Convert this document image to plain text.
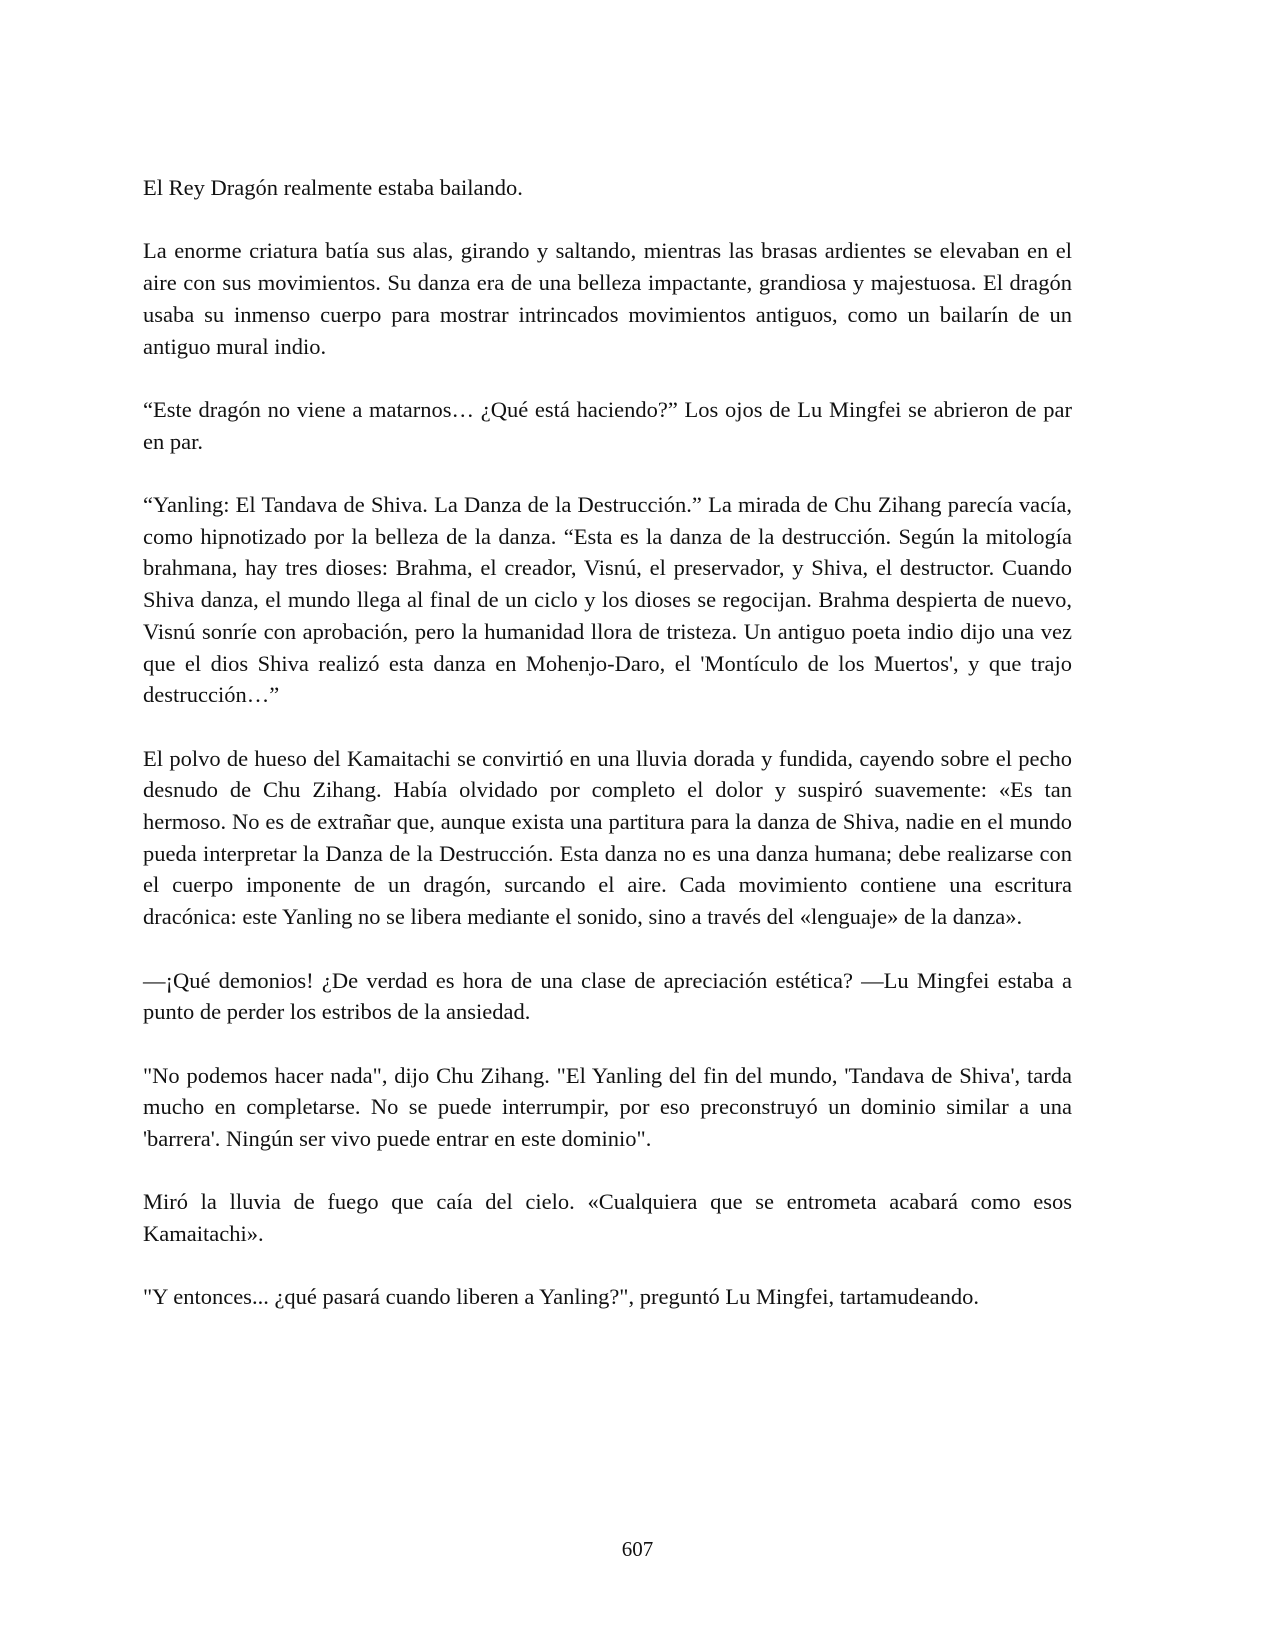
El Rey Dragón realmente estaba bailando.

La enorme criatura batía sus alas, girando y saltando, mientras las brasas ardientes se elevaban en el aire con sus movimientos. Su danza era de una belleza impactante, grandiosa y majestuosa. El dragón usaba su inmenso cuerpo para mostrar intrincados movimientos antiguos, como un bailarín de un antiguo mural indio.

“Este dragón no viene a matarnos… ¿Qué está haciendo?” Los ojos de Lu Mingfei se abrieron de par en par.

“Yanling: El Tandava de Shiva. La Danza de la Destrucción.” La mirada de Chu Zihang parecía vacía, como hipnotizado por la belleza de la danza. “Esta es la danza de la destrucción. Según la mitología brahmana, hay tres dioses: Brahma, el creador, Visnú, el preservador, y Shiva, el destructor. Cuando Shiva danza, el mundo llega al final de un ciclo y los dioses se regocijan. Brahma despierta de nuevo, Visnú sonríe con aprobación, pero la humanidad llora de tristeza. Un antiguo poeta indio dijo una vez que el dios Shiva realizó esta danza en Mohenjo-Daro, el 'Montículo de los Muertos', y que trajo destrucción…”

El polvo de hueso del Kamaitachi se convirtió en una lluvia dorada y fundida, cayendo sobre el pecho desnudo de Chu Zihang. Había olvidado por completo el dolor y suspiró suavemente: «Es tan hermoso. No es de extrañar que, aunque exista una partitura para la danza de Shiva, nadie en el mundo pueda interpretar la Danza de la Destrucción. Esta danza no es una danza humana; debe realizarse con el cuerpo imponente de un dragón, surcando el aire. Cada movimiento contiene una escritura dracónica: este Yanling no se libera mediante el sonido, sino a través del «lenguaje» de la danza».

—¡Qué demonios! ¿De verdad es hora de una clase de apreciación estética? —Lu Mingfei estaba a punto de perder los estribos de la ansiedad.

"No podemos hacer nada", dijo Chu Zihang. "El Yanling del fin del mundo, 'Tandava de Shiva', tarda mucho en completarse. No se puede interrumpir, por eso preconstruyó un dominio similar a una 'barrera'. Ningún ser vivo puede entrar en este dominio".

Miró la lluvia de fuego que caía del cielo. «Cualquiera que se entrometa acabará como esos Kamaitachi».

"Y entonces... ¿qué pasará cuando liberen a Yanling?", preguntó Lu Mingfei, tartamudeando.

607
